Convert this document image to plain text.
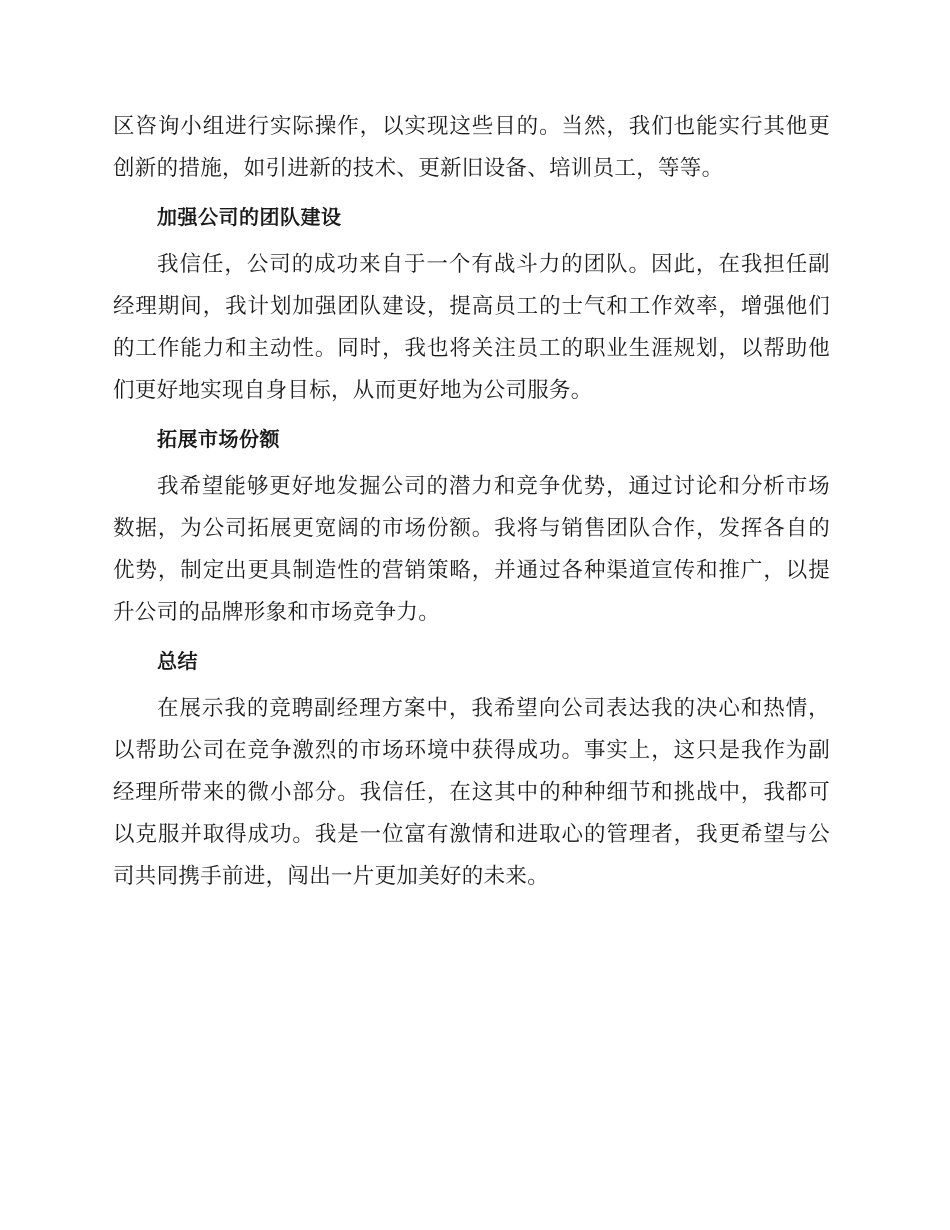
区咨询小组进行实际操作，以实现这些目的。当然，我们也能实行其他更创新的措施，如引进新的技术、更新旧设备、培训员工，等等。

加强公司的团队建设

我信任，公司的成功来自于一个有战斗力的团队。因此，在我担任副经理期间，我计划加强团队建设，提高员工的士气和工作效率，增强他们的工作能力和主动性。同时，我也将关注员工的职业生涯规划，以帮助他们更好地实现自身目标，从而更好地为公司服务。

拓展市场份额

我希望能够更好地发掘公司的潜力和竞争优势，通过讨论和分析市场数据，为公司拓展更宽阔的市场份额。我将与销售团队合作，发挥各自的优势，制定出更具制造性的营销策略，并通过各种渠道宣传和推广，以提升公司的品牌形象和市场竞争力。

总结

在展示我的竞聘副经理方案中，我希望向公司表达我的决心和热情，以帮助公司在竞争激烈的市场环境中获得成功。事实上，这只是我作为副经理所带来的微小部分。我信任，在这其中的种种细节和挑战中，我都可以克服并取得成功。我是一位富有激情和进取心的管理者，我更希望与公司共同携手前进，闯出一片更加美好的未来。
